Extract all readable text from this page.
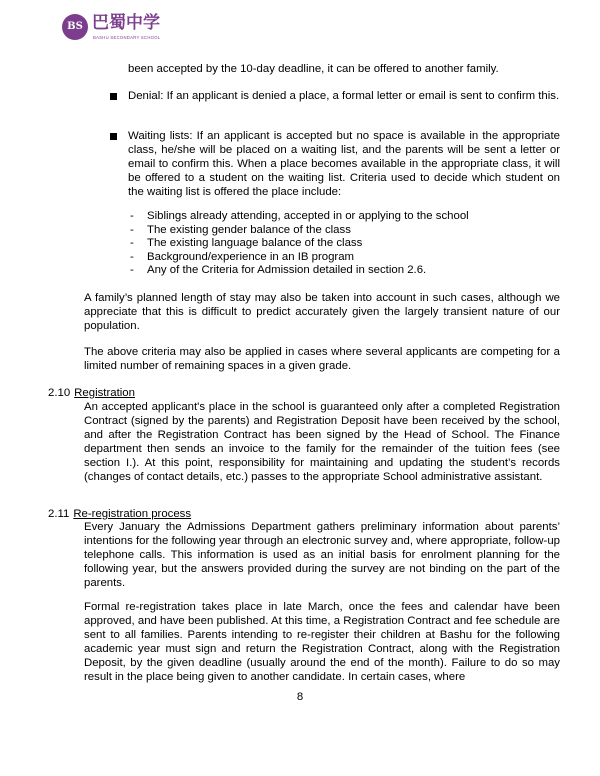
BS 巴蜀中学
BASHU SECONDARY SCHOOL

been accepted by the 10-day deadline, it can be offered to another family.

Denial: If an applicant is denied a place, a formal letter or email is sent to confirm this.

Waiting lists: If an applicant is accepted but no space is available in the appropriate class, he/she will be placed on a waiting list, and the parents will be sent a letter or email to confirm this. When a place becomes available in the appropriate class, it will be offered to a student on the waiting list. Criteria used to decide which student on the waiting list is offered the place include:

- Siblings already attending, accepted in or applying to the school
- The existing gender balance of the class
- The existing language balance of the class
- Background/experience in an IB program
- Any of the Criteria for Admission detailed in section 2.6.

A family’s planned length of stay may also be taken into account in such cases, although we appreciate that this is difficult to predict accurately given the largely transient nature of our population.

The above criteria may also be applied in cases where several applicants are competing for a limited number of remaining spaces in a given grade.

2.10 Registration

An accepted applicant's place in the school is guaranteed only after a completed Registration Contract (signed by the parents) and Registration Deposit have been received by the school, and after the Registration Contract has been signed by the Head of School. The Finance department then sends an invoice to the family for the remainder of the tuition fees (see section I.). At this point, responsibility for maintaining and updating the student’s records (changes of contact details, etc.) passes to the appropriate School administrative assistant.

2.11 Re-registration process

Every January the Admissions Department gathers preliminary information about parents’ intentions for the following year through an electronic survey and, where appropriate, follow-up telephone calls. This information is used as an initial basis for enrolment planning for the following year, but the answers provided during the survey are not binding on the part of the parents.

Formal re-registration takes place in late March, once the fees and calendar have been approved, and have been published. At this time, a Registration Contract and fee schedule are sent to all families. Parents intending to re-register their children at Bashu for the following academic year must sign and return the Registration Contract, along with the Registration Deposit, by the given deadline (usually around the end of the month). Failure to do so may result in the place being given to another candidate. In certain cases, where

8
